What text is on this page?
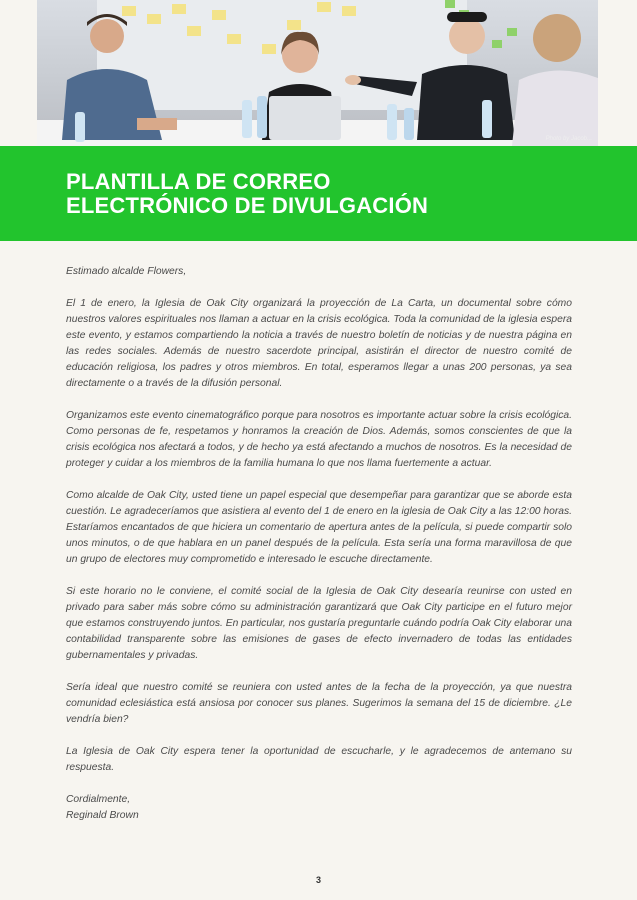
Photo by Jacob...
PLANTILLA DE CORREO
ELECTRÓNICO DE DIVULGACIÓN

Estimado alcalde Flowers,

El 1 de enero, la Iglesia de Oak City organizará la proyección de La Carta, un documental sobre cómo nuestros valores espirituales nos llaman a actuar en la crisis ecológica. Toda la comunidad de la iglesia espera este evento, y estamos compartiendo la noticia a través de nuestro boletín de noticias y de nuestra página en las redes sociales. Además de nuestro sacerdote principal, asistirán el director de nuestro comité de educación religiosa, los padres y otros miembros. En total, esperamos llegar a unas 200 personas, ya sea directamente o a través de la difusión personal.

Organizamos este evento cinematográfico porque para nosotros es importante actuar sobre la crisis ecológica. Como personas de fe, respetamos y honramos la creación de Dios. Además, somos conscientes de que la crisis ecológica nos afectará a todos, y de hecho ya está afectando a muchos de nosotros. Es la necesidad de proteger y cuidar a los miembros de la familia humana lo que nos llama fuertemente a actuar.

Como alcalde de Oak City, usted tiene un papel especial que desempeñar para garantizar que se aborde esta cuestión. Le agradeceríamos que asistiera al evento del 1 de enero en la iglesia de Oak City a las 12:00 horas. Estaríamos encantados de que hiciera un comentario de apertura antes de la película, si puede compartir solo unos minutos, o de que hablara en un panel después de la película. Esta sería una forma maravillosa de que un grupo de electores muy comprometido e interesado le escuche directamente.

Si este horario no le conviene, el comité social de la Iglesia de Oak City desearía reunirse con usted en privado para saber más sobre cómo su administración garantizará que Oak City participe en el futuro mejor que estamos construyendo juntos. En particular, nos gustaría preguntarle cuándo podría Oak City elaborar una contabilidad transparente sobre las emisiones de gases de efecto invernadero de todas las entidades gubernamentales y privadas.

Sería ideal que nuestro comité se reuniera con usted antes de la fecha de la proyección, ya que nuestra comunidad eclesiástica está ansiosa por conocer sus planes. Sugerimos la semana del 15 de diciembre. ¿Le vendría bien?

La Iglesia de Oak City espera tener la oportunidad de escucharle, y le agradecemos de antemano su respuesta.

Cordialmente,
Reginald Brown

3
